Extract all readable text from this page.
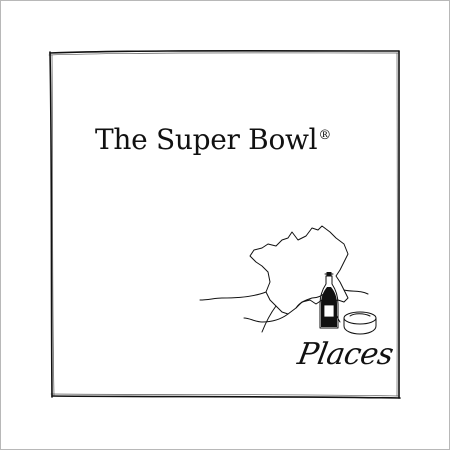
The Super Bowl®
Places
